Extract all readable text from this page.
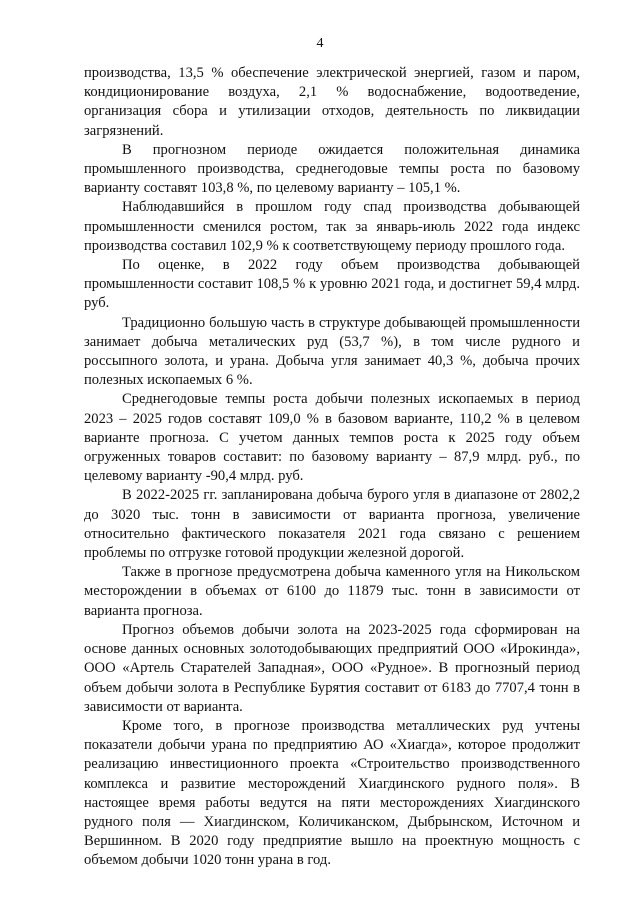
4

производства, 13,5 % обеспечение электрической энергией, газом и паром, кондиционирование воздуха, 2,1 % водоснабжение, водоотведение, организация сбора и утилизации отходов, деятельность по ликвидации загрязнений.

В прогнозном периоде ожидается положительная динамика промышленного производства, среднегодовые темпы роста по базовому варианту составят 103,8 %, по целевому варианту – 105,1 %.

Наблюдавшийся в прошлом году спад производства добывающей промышленности сменился ростом, так за январь-июль 2022 года индекс производства составил 102,9 % к соответствующему периоду прошлого года.

По оценке, в 2022 году объем производства добывающей промышленности составит 108,5 % к уровню 2021 года, и достигнет 59,4 млрд. руб.

Традиционно большую часть в структуре добывающей промышленности занимает добыча металических руд (53,7 %), в том числе рудного и россыпного золота, и урана. Добыча угля занимает 40,3 %, добыча прочих полезных ископаемых 6 %.

Среднегодовые темпы роста добычи полезных ископаемых в период 2023 – 2025 годов составят 109,0 % в базовом варианте, 110,2 % в целевом варианте прогноза. С учетом данных темпов роста к 2025 году объем огруженных товаров составит: по базовому варианту – 87,9 млрд. руб., по целевому варианту -90,4 млрд. руб.

В 2022-2025 гг. запланирована добыча бурого угля в диапазоне от 2802,2 до 3020 тыс. тонн в зависимости от варианта прогноза, увеличение относительно фактического показателя 2021 года связано с решением проблемы по отгрузке готовой продукции железной дорогой.

Также в прогнозе предусмотрена добыча каменного угля на Никольском месторождении в объемах от 6100 до 11879 тыс. тонн в зависимости от варианта прогноза.

Прогноз объемов добычи золота на 2023-2025 года сформирован на основе данных основных золотодобывающих предприятий ООО «Ирокинда», ООО «Артель Старателей Западная», ООО «Рудное». В прогнозный период объем добычи золота в Республике Бурятия составит от 6183 до 7707,4 тонн в зависимости от варианта.

Кроме того, в прогнозе производства металлических руд учтены показатели добычи урана по предприятию АО «Хиагда», которое продолжит реализацию инвестиционного проекта «Строительство производственного комплекса и развитие месторождений Хиагдинского рудного поля». В настоящее время работы ведутся на пяти месторождениях Хиагдинского рудного поля — Хиагдинском, Количиканском, Дыбрынском, Источном и Вершинном. В 2020 году предприятие вышло на проектную мощность с объемом добычи 1020 тонн урана в год.
